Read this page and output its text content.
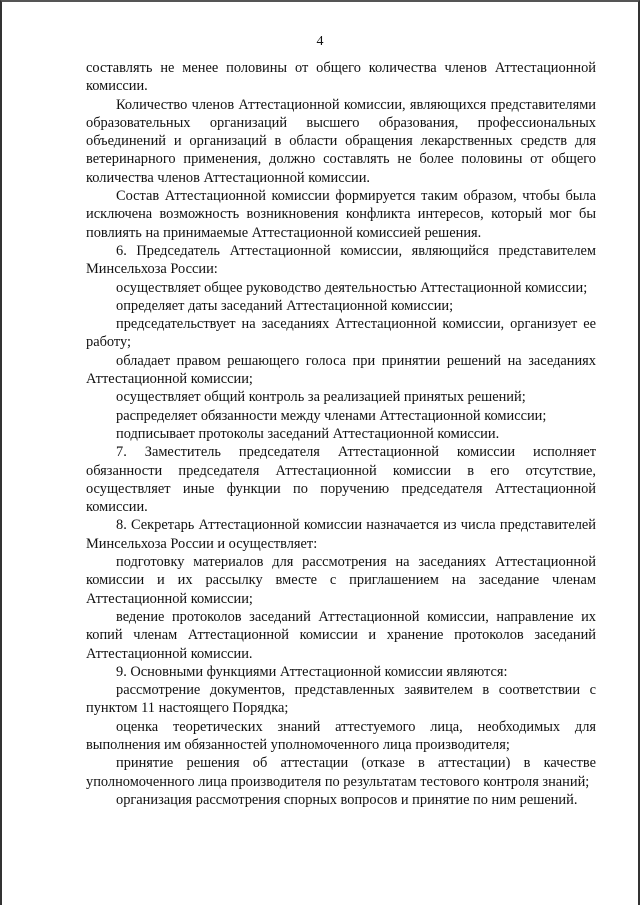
4

составлять не менее половины от общего количества членов Аттестационной комиссии.

Количество членов Аттестационной комиссии, являющихся представителями образовательных организаций высшего образования, профессиональных объединений и организаций в области обращения лекарственных средств для ветеринарного применения, должно составлять не более половины от общего количества членов Аттестационной комиссии.

Состав Аттестационной комиссии формируется таким образом, чтобы была исключена возможность возникновения конфликта интересов, который мог бы повлиять на принимаемые Аттестационной комиссией решения.

6. Председатель Аттестационной комиссии, являющийся представителем Минсельхоза России:

осуществляет общее руководство деятельностью Аттестационной комиссии;

определяет даты заседаний Аттестационной комиссии;

председательствует на заседаниях Аттестационной комиссии, организует ее работу;

обладает правом решающего голоса при принятии решений на заседаниях Аттестационной комиссии;

осуществляет общий контроль за реализацией принятых решений;

распределяет обязанности между членами Аттестационной комиссии;

подписывает протоколы заседаний Аттестационной комиссии.

7. Заместитель председателя Аттестационной комиссии исполняет обязанности председателя Аттестационной комиссии в его отсутствие, осуществляет иные функции по поручению председателя Аттестационной комиссии.

8. Секретарь Аттестационной комиссии назначается из числа представителей Минсельхоза России и осуществляет:

подготовку материалов для рассмотрения на заседаниях Аттестационной комиссии и их рассылку вместе с приглашением на заседание членам Аттестационной комиссии;

ведение протоколов заседаний Аттестационной комиссии, направление их копий членам Аттестационной комиссии и хранение протоколов заседаний Аттестационной комиссии.

9. Основными функциями Аттестационной комиссии являются:

рассмотрение документов, представленных заявителем в соответствии с пунктом 11 настоящего Порядка;

оценка теоретических знаний аттестуемого лица, необходимых для выполнения им обязанностей уполномоченного лица производителя;

принятие решения об аттестации (отказе в аттестации) в качестве уполномоченного лица производителя по результатам тестового контроля знаний;

организация рассмотрения спорных вопросов и принятие по ним решений.
